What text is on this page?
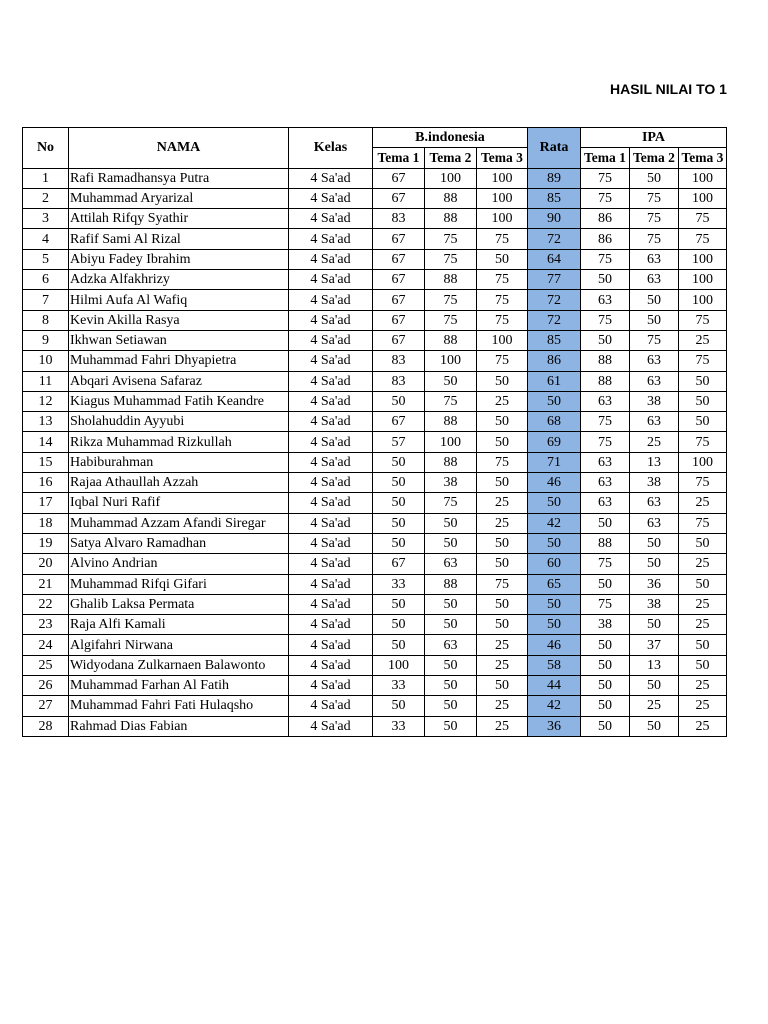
HASIL NILAI TO 1
No	NAMA	Kelas	B.indonesia			Rata	IPA		
			Tema 1	Tema 2	Tema 3		Tema 1	Tema 2	Tema 3
1	Rafi Ramadhansya Putra	4 Sa'ad	67	100	100	89	75	50	100
2	Muhammad Aryarizal	4 Sa'ad	67	88	100	85	75	75	100
3	Attilah Rifqy Syathir	4 Sa'ad	83	88	100	90	86	75	75
4	Rafif Sami Al Rizal	4 Sa'ad	67	75	75	72	86	75	75
5	Abiyu Fadey Ibrahim	4 Sa'ad	67	75	50	64	75	63	100
6	Adzka Alfakhrizy	4 Sa'ad	67	88	75	77	50	63	100
7	Hilmi Aufa Al Wafiq	4 Sa'ad	67	75	75	72	63	50	100
8	Kevin Akilla Rasya	4 Sa'ad	67	75	75	72	75	50	75
9	Ikhwan Setiawan	4 Sa'ad	67	88	100	85	50	75	25
10	Muhammad Fahri Dhyapietra	4 Sa'ad	83	100	75	86	88	63	75
11	Abqari Avisena Safaraz	4 Sa'ad	83	50	50	61	88	63	50
12	Kiagus Muhammad Fatih Keandre	4 Sa'ad	50	75	25	50	63	38	50
13	Sholahuddin Ayyubi	4 Sa'ad	67	88	50	68	75	63	50
14	Rikza Muhammad Rizkullah	4 Sa'ad	57	100	50	69	75	25	75
15	Habiburahman	4 Sa'ad	50	88	75	71	63	13	100
16	Rajaa Athaullah Azzah	4 Sa'ad	50	38	50	46	63	38	75
17	Iqbal Nuri Rafif	4 Sa'ad	50	75	25	50	63	63	25
18	Muhammad Azzam Afandi Siregar	4 Sa'ad	50	50	25	42	50	63	75
19	Satya Alvaro Ramadhan	4 Sa'ad	50	50	50	50	88	50	50
20	Alvino Andrian	4 Sa'ad	67	63	50	60	75	50	25
21	Muhammad Rifqi Gifari	4 Sa'ad	33	88	75	65	50	36	50
22	Ghalib Laksa Permata	4 Sa'ad	50	50	50	50	75	38	25
23	Raja Alfi Kamali	4 Sa'ad	50	50	50	50	38	50	25
24	Algifahri Nirwana	4 Sa'ad	50	63	25	46	50	37	50
25	Widyodana Zulkarnaen Balawonto	4 Sa'ad	100	50	25	58	50	13	50
26	Muhammad Farhan Al Fatih	4 Sa'ad	33	50	50	44	50	50	25
27	Muhammad Fahri Fati Hulaqsho	4 Sa'ad	50	50	25	42	50	25	25
28	Rahmad Dias Fabian	4 Sa'ad	33	50	25	36	50	50	25
